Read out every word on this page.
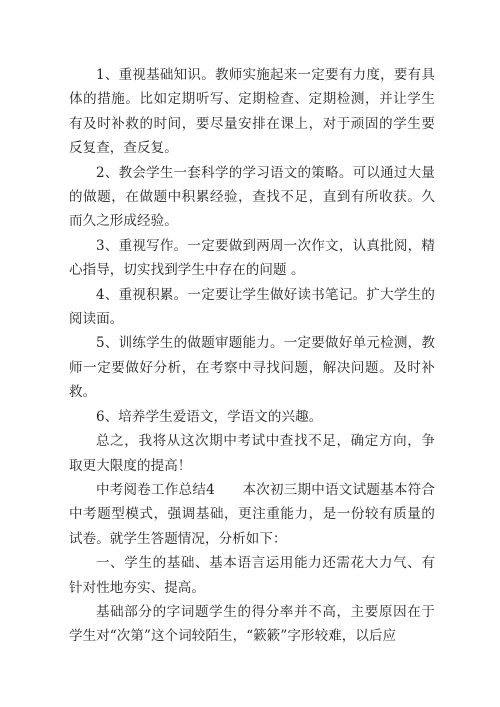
1、重视基础知识。教师实施起来一定要有力度，要有具体的措施。比如定期听写、定期检查、定期检测，并让学生有及时补救的时间，要尽量安排在课上，对于顽固的学生要反复查，查反复。

2、教会学生一套科学的学习语文的策略。可以通过大量的做题，在做题中积累经验，查找不足，直到有所收获。久而久之形成经验。

3、重视写作。一定要做到两周一次作文，认真批阅，精心指导，切实找到学生中存在的问题 。

4、重视积累。一定要让学生做好读书笔记。扩大学生的阅读面。

5、训练学生的做题审题能力。一定要做好单元检测，教师一定要做好分析，在考察中寻找问题，解决问题。及时补救。

6、培养学生爱语文，学语文的兴趣。

总之，我将从这次期中考试中查找不足，确定方向，争取更大限度的提高！

中考阅卷工作总结4　　本次初三期中语文试题基本符合中考题型模式，强调基础，更注重能力，是一份较有质量的试卷。就学生答题情况，分析如下：

一、学生的基础、基本语言运用能力还需花大力气、有针对性地夯实、提高。

基础部分的字词题学生的得分率并不高，主要原因在于学生对“次第”这个词较陌生，“簌簌”字形较难，以后应
